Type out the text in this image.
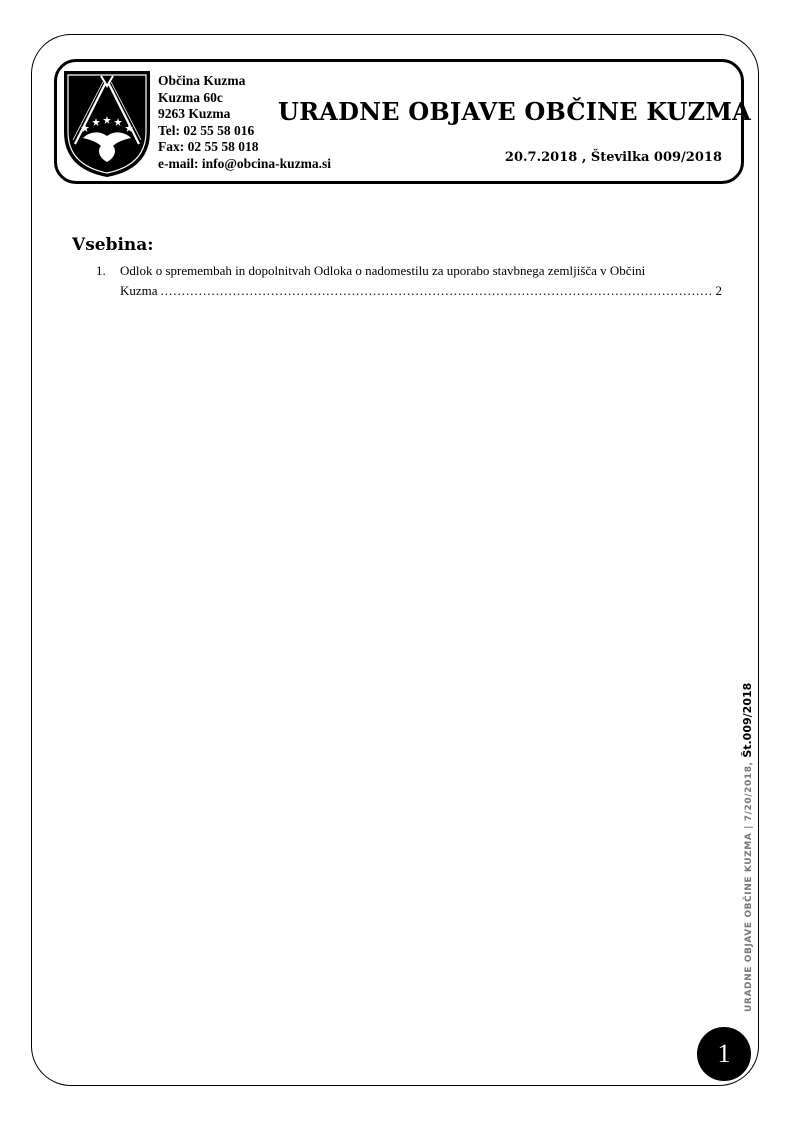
Občina Kuzma
Kuzma 60c
9263 Kuzma
Tel: 02 55 58 016
Fax: 02 55 58 018
e-mail: info@obcina-kuzma.si
URADNE OBJAVE OBČINE KUZMA
20.7.2018 , Številka 009/2018
Vsebina:
1. Odlok o spremembah in dopolnitvah Odloka o nadomestilu za uporabo stavbnega zemljišča v Občini
Kuzma
.....	2
URADNE OBJAVE OBČINE KUZMA | 7/20/2018, Št.009/2018
1
